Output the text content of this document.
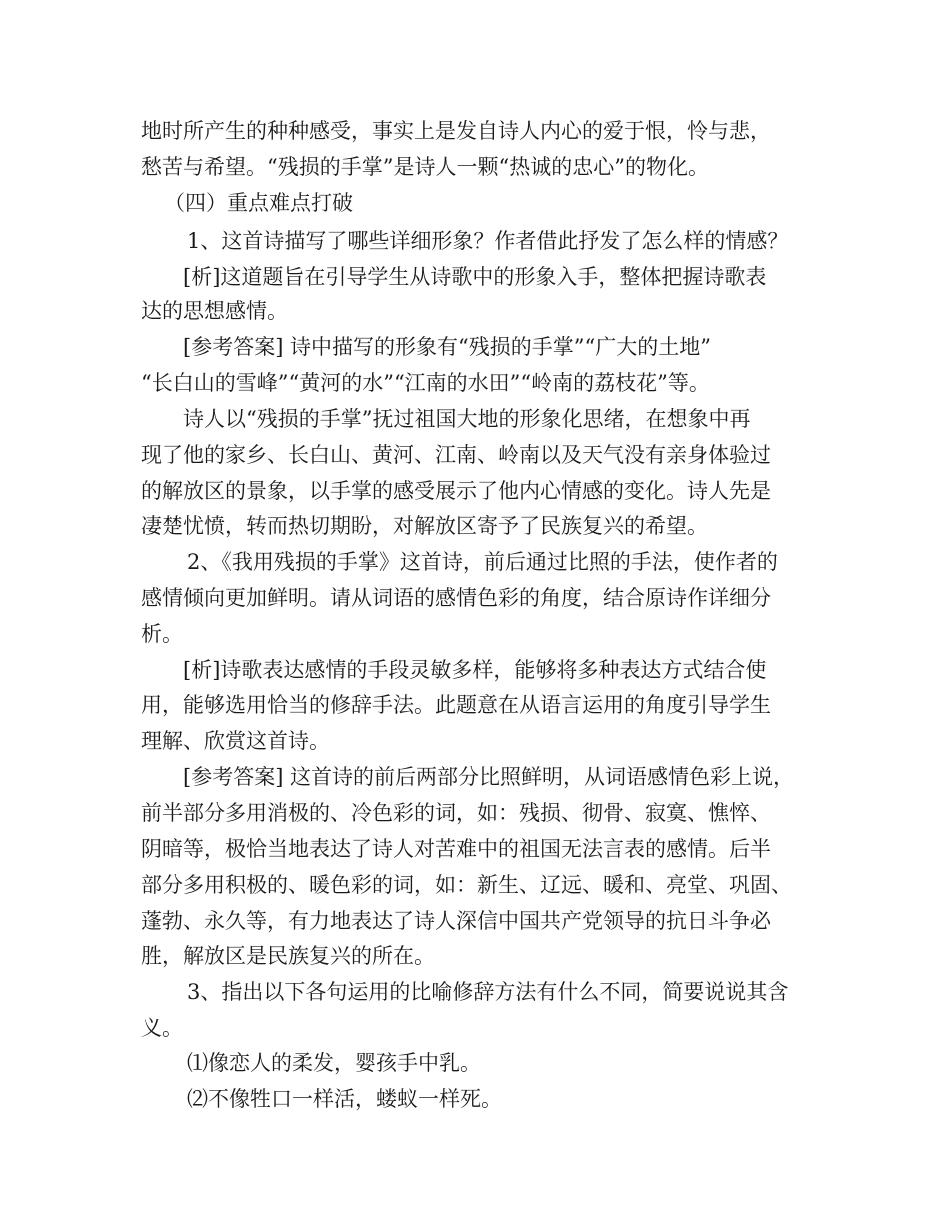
地时所产生的种种感受，事实上是发自诗人内心的爱于恨，怜与悲，
愁苦与希望。“残损的手掌”是诗人一颗“热诚的忠心”的物化。
（四）重点难点打破
1、这首诗描写了哪些详细形象？作者借此抒发了怎么样的情感？
[析]这道题旨在引导学生从诗歌中的形象入手，整体把握诗歌表
达的思想感情。
[参考答案] 诗中描写的形象有“残损的手掌”“广大的土地”
“长白山的雪峰”“黄河的水”“江南的水田”“岭南的荔枝花”等。
诗人以“残损的手掌”抚过祖国大地的形象化思绪，在想象中再
现了他的家乡、长白山、黄河、江南、岭南以及天气没有亲身体验过
的解放区的景象，以手掌的感受展示了他内心情感的变化。诗人先是
凄楚忧愤，转而热切期盼，对解放区寄予了民族复兴的希望。
2、《我用残损的手掌》这首诗，前后通过比照的手法，使作者的
感情倾向更加鲜明。请从词语的感情色彩的角度，结合原诗作详细分
析。
[析]诗歌表达感情的手段灵敏多样，能够将多种表达方式结合使
用，能够选用恰当的修辞手法。此题意在从语言运用的角度引导学生
理解、欣赏这首诗。
[参考答案] 这首诗的前后两部分比照鲜明，从词语感情色彩上说，
前半部分多用消极的、冷色彩的词，如：残损、彻骨、寂寞、憔悴、
阴暗等，极恰当地表达了诗人对苦难中的祖国无法言表的感情。后半
部分多用积极的、暖色彩的词，如：新生、辽远、暖和、亮堂、巩固、
蓬勃、永久等，有力地表达了诗人深信中国共产党领导的抗日斗争必
胜，解放区是民族复兴的所在。
3、指出以下各句运用的比喻修辞方法有什么不同，简要说说其含
义。
⑴像恋人的柔发，婴孩手中乳。
⑵不像牲口一样活，蝼蚁一样死。
